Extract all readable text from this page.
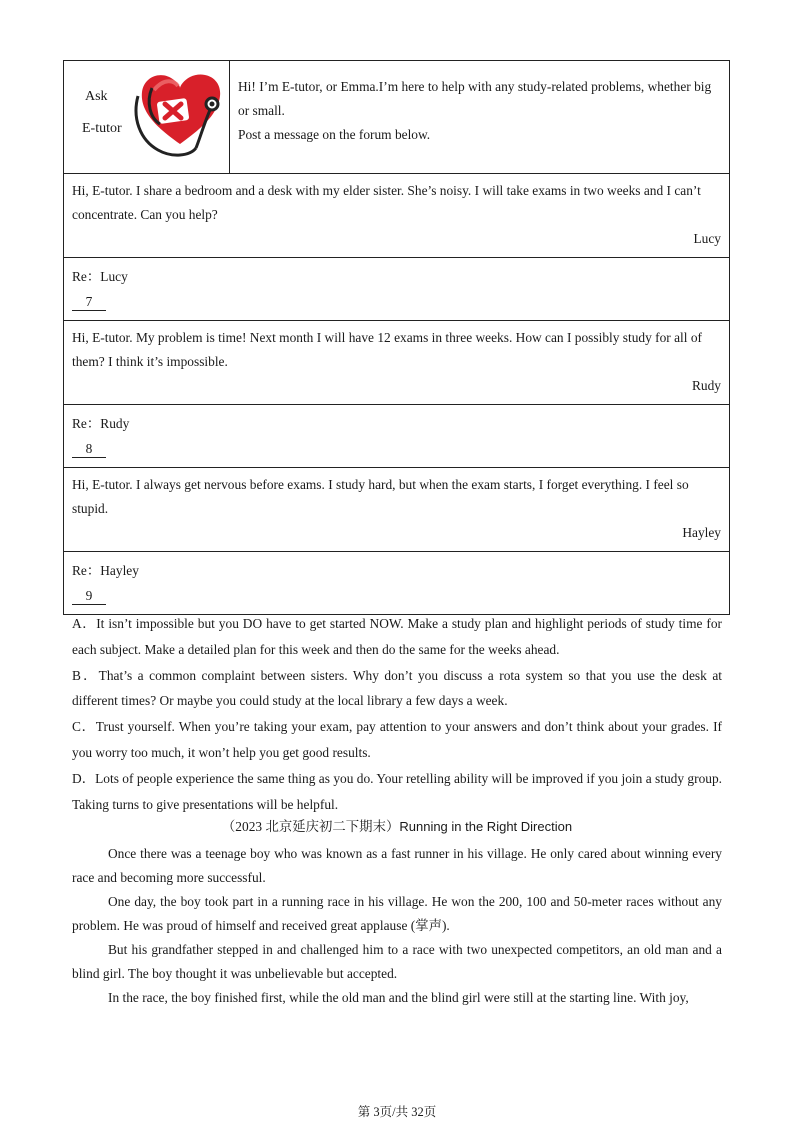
Ask
E-tutor

Hi! I’m E-tutor, or Emma.I’m here to help with any study-related problems, whether big or small.
Post a message on the forum below.

Hi, E-tutor. I share a bedroom and a desk with my elder sister. She’s noisy. I will take exams in two weeks and I can’t concentrate. Can you help?
Lucy

Re：Lucy
7

Hi, E-tutor. My problem is time! Next month I will have 12 exams in three weeks. How can I possibly study for all of them? I think it’s impossible.
Rudy

Re：Rudy
8

Hi, E-tutor. I always get nervous before exams. I study hard, but when the exam starts, I forget everything. I feel so stupid.
Hayley

Re：Hayley
9

A．It isn’t impossible but you DO have to get started NOW. Make a study plan and highlight periods of study time for each subject. Make a detailed plan for this week and then do the same for the weeks ahead.

B．That’s a common complaint between sisters. Why don’t you discuss a rota system so that you use the desk at different times? Or maybe you could study at the local library a few days a week.

C．Trust yourself. When you’re taking your exam, pay attention to your answers and don’t think about your grades. If you worry too much, it won’t help you get good results.

D．Lots of people experience the same thing as you do. Your retelling ability will be improved if you join a study group. Taking turns to give presentations will be helpful.

（2023 北京延庆初二下期末）Running in the Right Direction

Once there was a teenage boy who was known as a fast runner in his village. He only cared about winning every race and becoming more successful.

One day, the boy took part in a running race in his village. He won the 200, 100 and 50-meter races without any problem. He was proud of himself and received great applause (掌声).

But his grandfather stepped in and challenged him to a race with two unexpected competitors, an old man and a blind girl. The boy thought it was unbelievable but accepted.

In the race, the boy finished first, while the old man and the blind girl were still at the starting line. With joy,

第 3页/共 32页
